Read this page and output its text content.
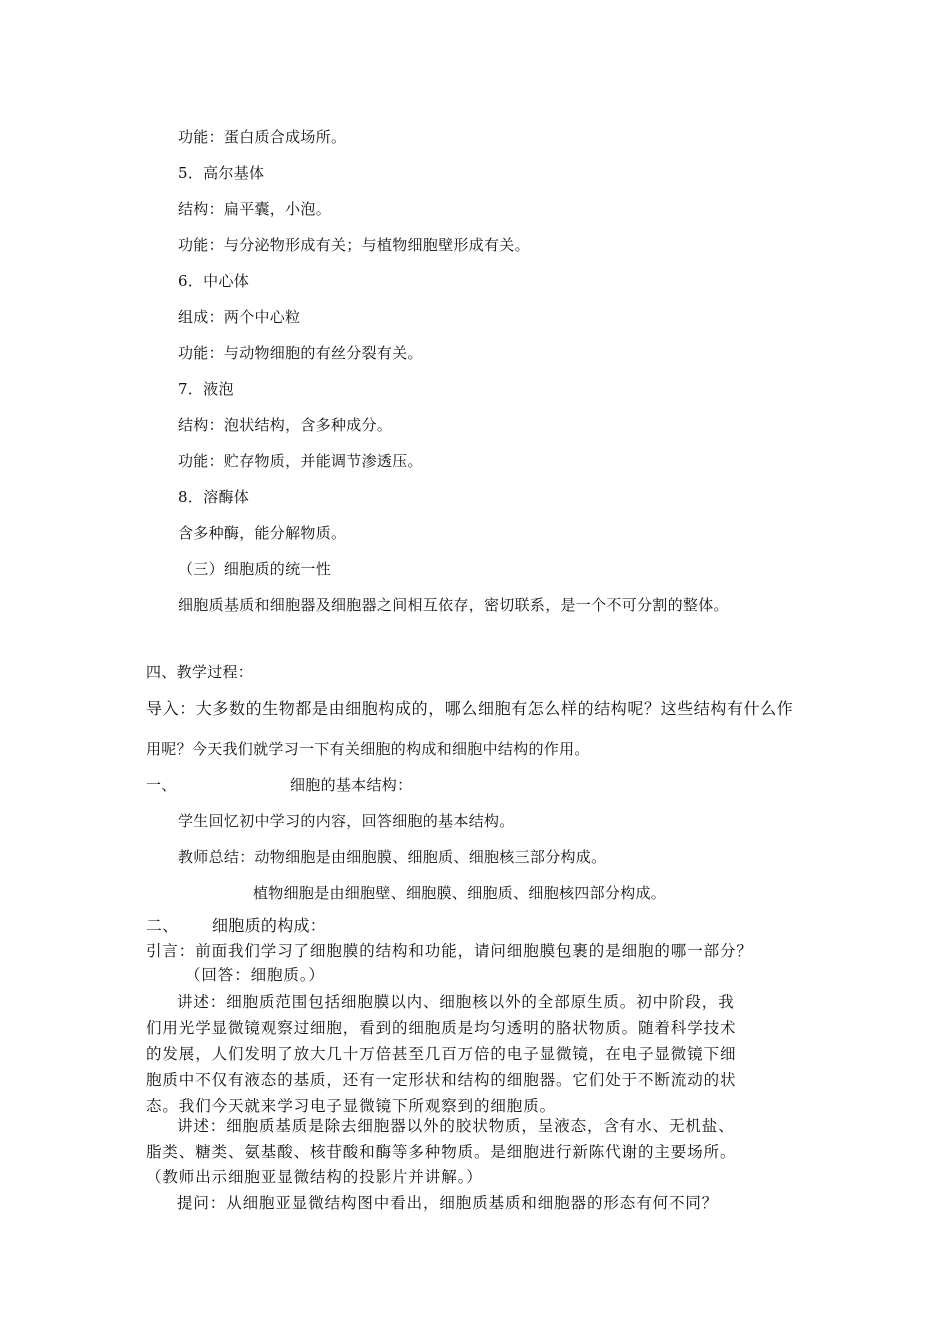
功能：蛋白质合成场所。
5．高尔基体
结构：扁平囊，小泡。
功能：与分泌物形成有关；与植物细胞壁形成有关。
6．中心体
组成：两个中心粒
功能：与动物细胞的有丝分裂有关。
7．液泡
结构：泡状结构，含多种成分。
功能：贮存物质，并能调节渗透压。
8．溶酶体
含多种酶，能分解物质。
（三）细胞质的统一性
细胞质基质和细胞器及细胞器之间相互依存，密切联系，是一个不可分割的整体。
四、教学过程：
导入：大多数的生物都是由细胞构成的，哪么细胞有怎么样的结构呢？这些结构有什么作
用呢？今天我们就学习一下有关细胞的构成和细胞中结构的作用。
一、	细胞的基本结构：
学生回忆初中学习的内容，回答细胞的基本结构。
教师总结：动物细胞是由细胞膜、细胞质、细胞核三部分构成。
植物细胞是由细胞壁、细胞膜、细胞质、细胞核四部分构成。
二、 细胞质的构成：
引言：前面我们学习了细胞膜的结构和功能，请问细胞膜包裹的是细胞的哪一部分？
（回答：细胞质。）
讲述：细胞质范围包括细胞膜以内、细胞核以外的全部原生质。初中阶段，我
们用光学显微镜观察过细胞，看到的细胞质是均匀透明的胳状物质。随着科学技术
的发展，人们发明了放大几十万倍甚至几百万倍的电子显微镜，在电子显微镜下细
胞质中不仅有液态的基质，还有一定形状和结构的细胞器。它们处于不断流动的状
态。我们今天就来学习电子显微镜下所观察到的细胞质。
讲述：细胞质基质是除去细胞器以外的胶状物质，呈液态，含有水、无机盐、
脂类、糖类、氨基酸、核苷酸和酶等多种物质。是细胞进行新陈代谢的主要场所。
（教师出示细胞亚显微结构的投影片并讲解。）
提问：从细胞亚显微结构图中看出，细胞质基质和细胞器的形态有何不同？
